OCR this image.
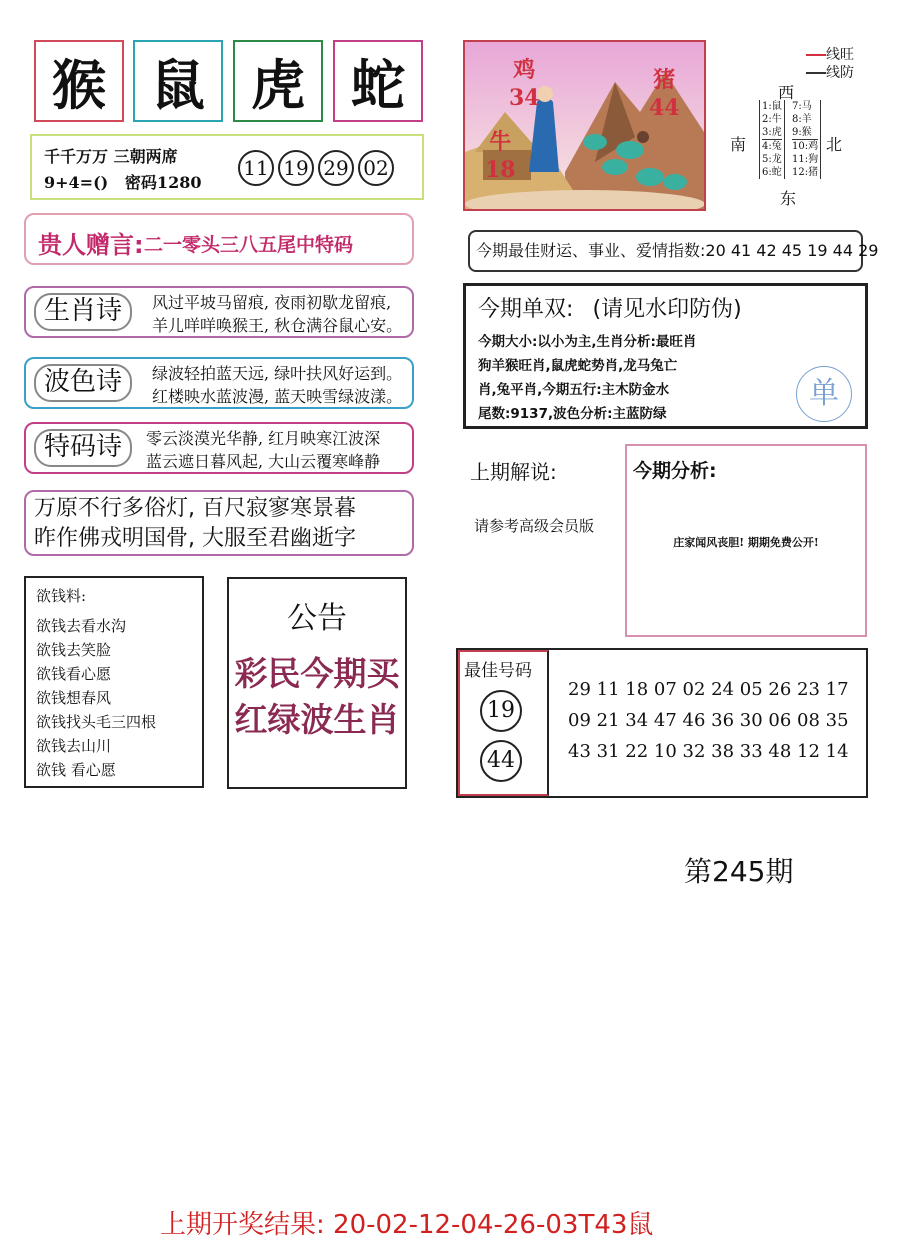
猴 鼠 虎 蛇
千千万万 三朝两席
9+4=()   密码1280
11 19 29 02
贵人赠言: 二一零头三八五尾中特码
生肖诗	风过平坡马留痕, 夜雨初歇龙留痕,
羊儿咩咩唤猴王, 秋仓满谷鼠心安。
波色诗	绿波轻拍蓝天远, 绿叶扶风好运到。
红楼映水蓝波漫, 蓝天映雪绿波漾。
特码诗	零云淡漠光华静, 红月映寒江波深
蓝云遮日暮风起, 大山云覆寒峰静
万原不行多俗灯, 百尺寂寥寒景暮
昨作佛戎明国骨, 大服至君幽逝字
欲钱料:
欲钱去看水沟
欲钱去笑脸
欲钱看心愿
欲钱想春风
欲钱找头毛三四根
欲钱去山川
欲钱 看心愿
公告
彩民今期买
红绿波生肖
鸡
34
猪
44
牛
18
线旺
线防
西
南	北
东
1:鼠
2:牛
3:虎
4:兔
5:龙
6:蛇
7:马
8:羊
9:猴
10:鸡
11:狗
12:猪
今期最佳财运、事业、爱情指数:20 41 42 45 19 44 29
今期单双: (请见水印防伪)
今期大小:以小为主,生肖分析:最旺肖
狗羊猴旺肖,鼠虎蛇势肖,龙马兔亡
肖,兔平肖,今期五行:主木防金水
尾数:9137,波色分析:主蓝防绿
单
上期解说:
请参考高级会员版
今期分析:
庄家闻风丧胆! 期期免费公开!
最佳号码
19
44
29 11 18 07 02 24 05 26 23 17
09 21 34 47 46 36 30 06 08 35
43 31 22 10 32 38 33 48 12 14
第245期
上期开奖结果: 20-02-12-04-26-03T43鼠
